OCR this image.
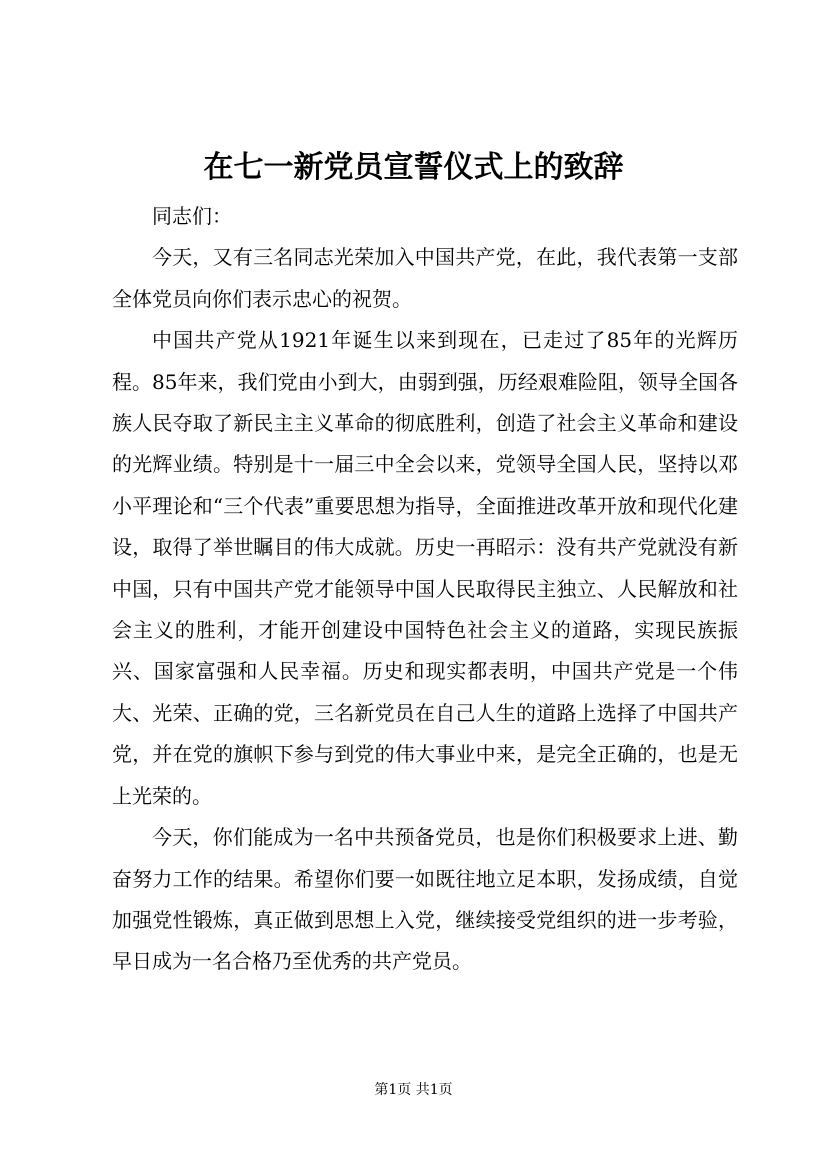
在七一新党员宣誓仪式上的致辞

同志们：

今天，又有三名同志光荣加入中国共产党，在此，我代表第一支部全体党员向你们表示忠心的祝贺。

中国共产党从1921年诞生以来到现在，已走过了85年的光辉历程。85年来，我们党由小到大，由弱到强，历经艰难险阻，领导全国各族人民夺取了新民主主义革命的彻底胜利，创造了社会主义革命和建设的光辉业绩。特别是十一届三中全会以来，党领导全国人民，坚持以邓小平理论和“三个代表”重要思想为指导，全面推进改革开放和现代化建设，取得了举世瞩目的伟大成就。历史一再昭示：没有共产党就没有新中国，只有中国共产党才能领导中国人民取得民主独立、人民解放和社会主义的胜利，才能开创建设中国特色社会主义的道路，实现民族振兴、国家富强和人民幸福。历史和现实都表明，中国共产党是一个伟大、光荣、正确的党，三名新党员在自己人生的道路上选择了中国共产党，并在党的旗帜下参与到党的伟大事业中来，是完全正确的，也是无上光荣的。

今天，你们能成为一名中共预备党员，也是你们积极要求上进、勤奋努力工作的结果。希望你们要一如既往地立足本职，发扬成绩，自觉加强党性锻炼，真正做到思想上入党，继续接受党组织的进一步考验，早日成为一名合格乃至优秀的共产党员。

第1页 共1页
